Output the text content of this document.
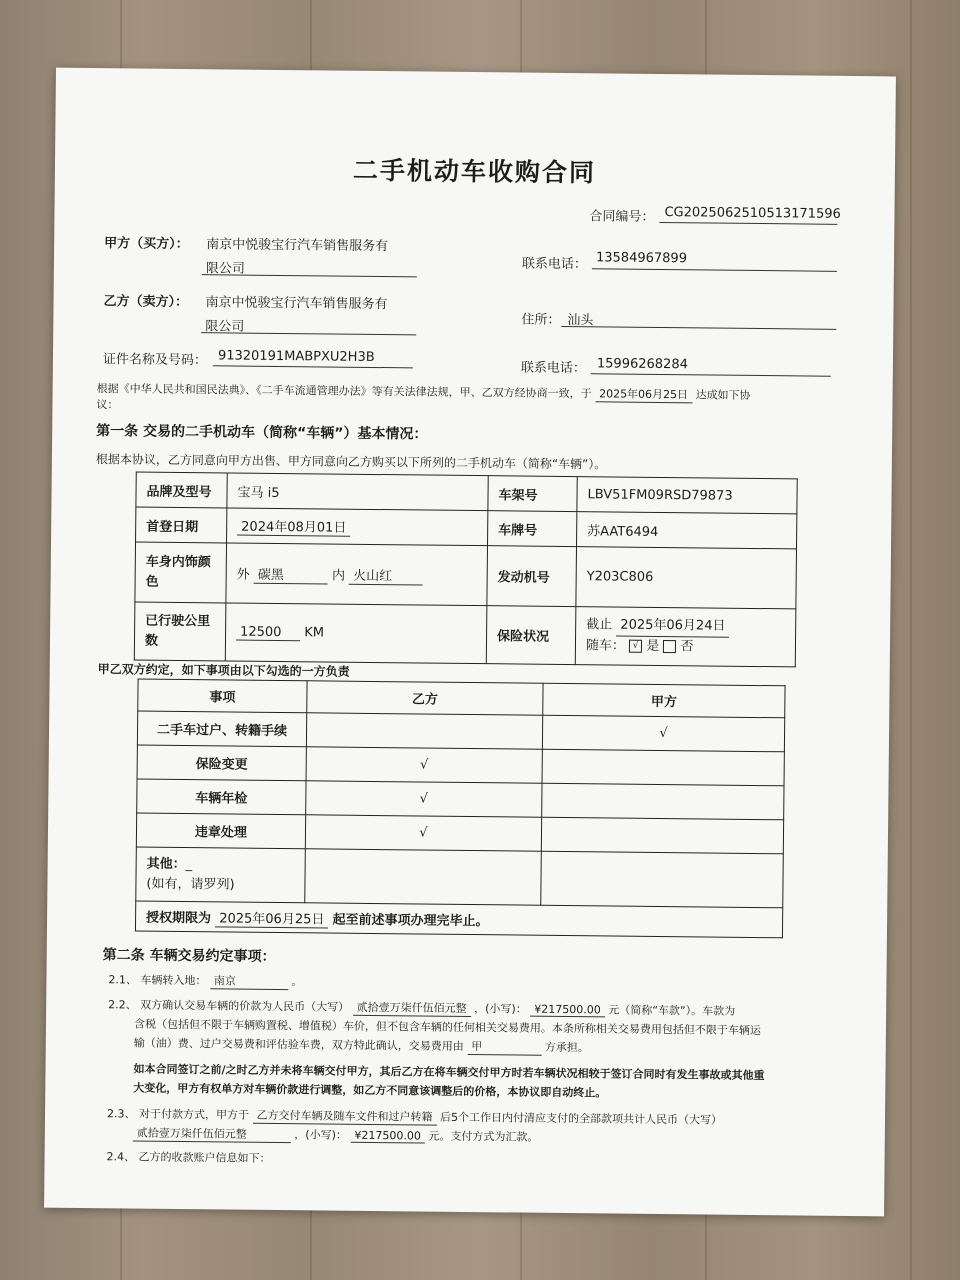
二手机动车收购合同
合同编号： CG2025062510513171596
甲方（买方）： 南京中悦骏宝行汽车销售服务有
限公司	联系电话： 13584967899
乙方（卖方）： 南京中悦骏宝行汽车销售服务有
限公司	住所： 汕头
证件名称及号码： 91320191MABPXU2H3B
联系电话： 15996268284
根据《中华人民共和国民法典》、《二手车流通管理办法》等有关法律法规，甲、乙双方经协商一致，于 2025年06月25日 达成如下协
议：
第一条 交易的二手机动车（简称“车辆”）基本情况：
根据本协议，乙方同意向甲方出售、甲方同意向乙方购买以下所列的二手机动车（简称“车辆”）。
品牌及型号	宝马 i5	车架号	LBV51FM09RSD79873
首登日期	2024年08月01日	车牌号	苏AAT6494
车身内饰颜
色	外 碳黑 内 火山红	发动机号	Y203C806
已行驶公里
数	12500 KM	保险状况	截止 2025年06月24日
随车： √ 是 否
甲乙双方约定，如下事项由以下勾选的一方负责
事项	乙方	甲方
二手车过户、转籍手续		√
保险变更	√	
车辆年检	√	
违章处理	√	
其他：_
(如有，请罗列)		
授权期限为 2025年06月25日 起至前述事项办理完毕止。		
第二条 车辆交易约定事项：
2.1、 车辆转入地： 南京	。
2.2、 双方确认交易车辆的价款为人民币（大写） 贰拾壹万柒仟伍佰元整 ，(小写)： ¥217500.00 元（简称“车款”）。车款为
含税（包括但不限于车辆购置税、增值税）车价，但不包含车辆的任何相关交易费用。本条所称相关交易费用包括但不限于车辆运
输（油）费、过户交易费和评估验车费，双方特此确认，交易费用由 甲	方承担。
如本合同签订之前/之时乙方并未将车辆交付甲方，其后乙方在将车辆交付甲方时若车辆状况相较于签订合同时有发生事故或其他重
大变化，甲方有权单方对车辆价款进行调整，如乙方不同意该调整后的价格，本协议即自动终止。
2.3、 对于付款方式，甲方于 乙方交付车辆及随车文件和过户转籍 后5个工作日内付清应支付的全部款项共计人民币（大写）
贰拾壹万柒仟伍佰元整	，(小写)： ¥217500.00 元。支付方式为汇款。
2.4、 乙方的收款账户信息如下：
